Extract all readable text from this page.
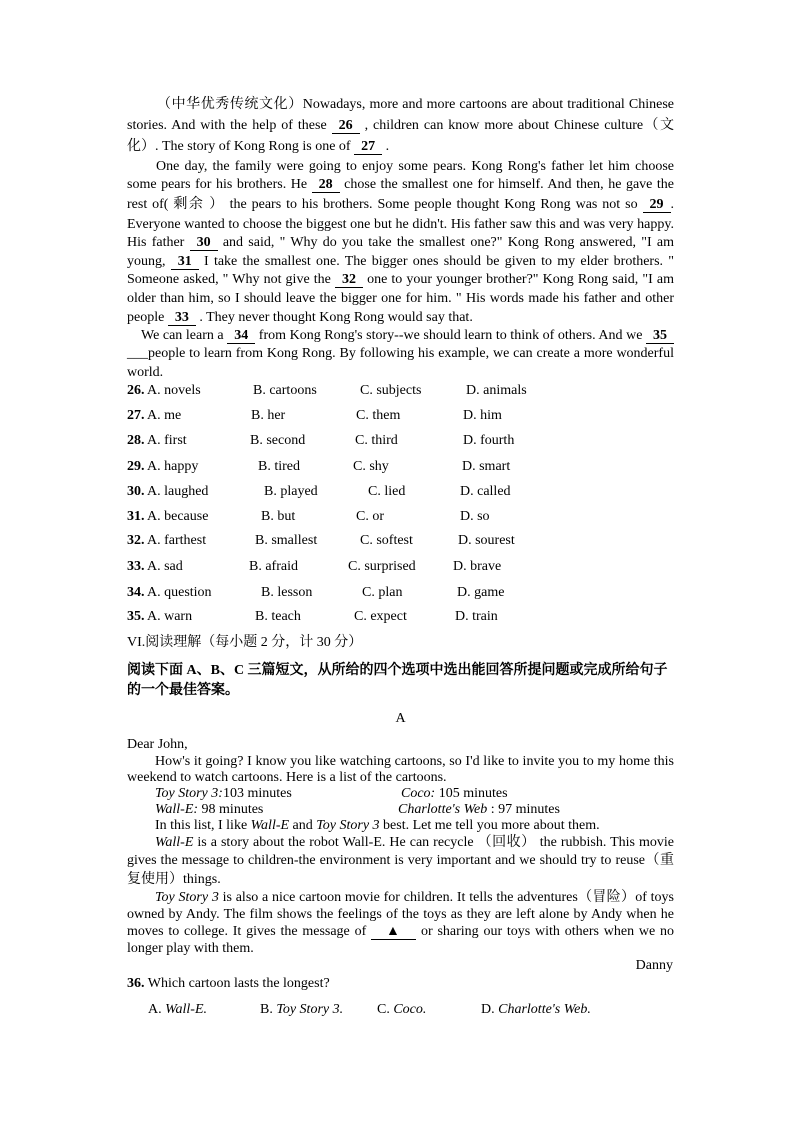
（中华优秀传统文化）Nowadays, more and more cartoons are about traditional Chinese
stories. And with the help of these 26 , children can know more about Chinese culture（文
化）. The story of Kong Rong is one of 27 .
One day, the family were going to enjoy some pears. Kong Rong's father let him choose
some pears for his brothers. He 28 chose the smallest one for himself. And then, he gave the
rest of( 剩余 ） the pears to his brothers. Some people thought Kong Rong was not so 29 .
Everyone wanted to choose the biggest one but he didn't. His father saw this and was very happy.
His father 30 and said, " Why do you take the smallest one?" Kong Rong answered, "I am
young, 31 I take the smallest one. The bigger ones should be given to my elder brothers. "
Someone asked, " Why not give the 32 one to your younger brother?" Kong Rong said, "I am
older than him, so I should leave the bigger one for him. " His words made his father and other
people 33 . They never thought Kong Rong would say that.
We can learn a 34 from Kong Rong's story--we should learn to think of others. And we 35
___people to learn from Kong Rong. By following his example, we can create a more wonderful
world.
26. A. novels	B. cartoons	C. subjects	D. animals
27. A. me	B. her	C. them	D. him
28. A. first	B. second	C. third	D. fourth
29. A. happy	B. tired	C. shy	D. smart
30. A. laughed	B. played	C. lied	D. called
31. A. because	B. but	C. or	D. so
32. A. farthest	B. smallest	C. softest	D. sourest
33. A. sad	B. afraid	C. surprised	D. brave
34. A. question	B. lesson	C. plan	D. game
35. A. warn	B. teach	C. expect	D. train
VI.阅读理解（每小题 2 分，计 30 分）
阅读下面 A、B、C 三篇短文，从所给的四个选项中选出能回答所提问题或完成所给句子
的一个最佳答案。
A
Dear John,
How's it going? I know you like watching cartoons, so I'd like to invite you to my home this
weekend to watch cartoons. Here is a list of the cartoons.
Toy Story 3:103 minutes	Coco: 105 minutes
Wall-E: 98 minutes	Charlotte's Web : 97 minutes
In this list, I like Wall-E and Toy Story 3 best. Let me tell you more about them.
Wall-E is a story about the robot Wall-E. He can recycle （回收） the rubbish. This movie
gives the message to children-the environment is very important and we should try to reuse（重
复使用）things.
Toy Story 3 is also a nice cartoon movie for children. It tells the adventures（冒险）of toys
owned by Andy. The film shows the feelings of the toys as they are left alone by Andy when he
moves to college. It gives the message of ▲ or sharing our toys with others when we no
longer play with them.
Danny
36. Which cartoon lasts the longest?
A. Wall-E.	B. Toy Story 3. C. Coco.	D. Charlotte's Web.
